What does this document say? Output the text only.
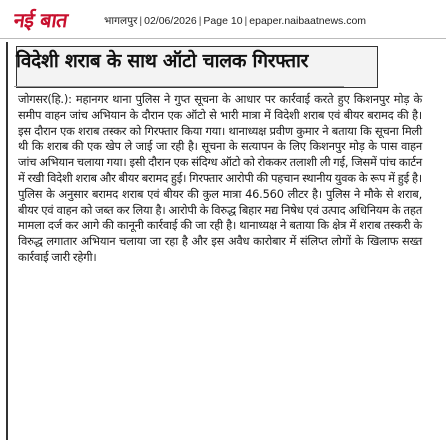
नई बात	भागलपुर | 02/06/2026 | Page 10 | epaper.naibaatnews.com
विदेशी शराब के साथ ऑटो चालक गिरफ्तार
जोगसर(हि.): महानगर थाना पुलिस ने गुप्त सूचना के आधार पर कार्रवाई करते हुए किशनपुर मोड़ के समीप वाहन जांच अभियान के दौरान एक ऑटो से भारी मात्रा में विदेशी शराब एवं बीयर बरामद की है। इस दौरान एक शराब तस्कर को गिरफ्तार किया गया। थानाध्यक्ष प्रवीण कुमार ने बताया कि सूचना मिली थी कि शराब की एक खेप ले जाई जा रही है। सूचना के सत्यापन के लिए किशनपुर मोड़ के पास वाहन जांच अभियान चलाया गया। इसी दौरान एक संदिग्ध ऑटो को रोककर तलाशी ली गई, जिसमें पांच कार्टन में रखी विदेशी शराब और बीयर बरामद हुई। गिरफ्तार आरोपी की पहचान स्थानीय युवक के रूप में हुई है। पुलिस के अनुसार बरामद शराब एवं बीयर की कुल मात्रा 46.560 लीटर है। पुलिस ने मौके से शराब, बीयर एवं वाहन को जब्त कर लिया है। आरोपी के विरुद्ध बिहार मद्य निषेध एवं उत्पाद अधिनियम के तहत मामला दर्ज कर आगे की कानूनी कार्रवाई की जा रही है। थानाध्यक्ष ने बताया कि क्षेत्र में शराब तस्करी के विरुद्ध लगातार अभियान चलाया जा रहा है और इस अवैध कारोबार में संलिप्त लोगों के खिलाफ सख्त कार्रवाई जारी रहेगी।
